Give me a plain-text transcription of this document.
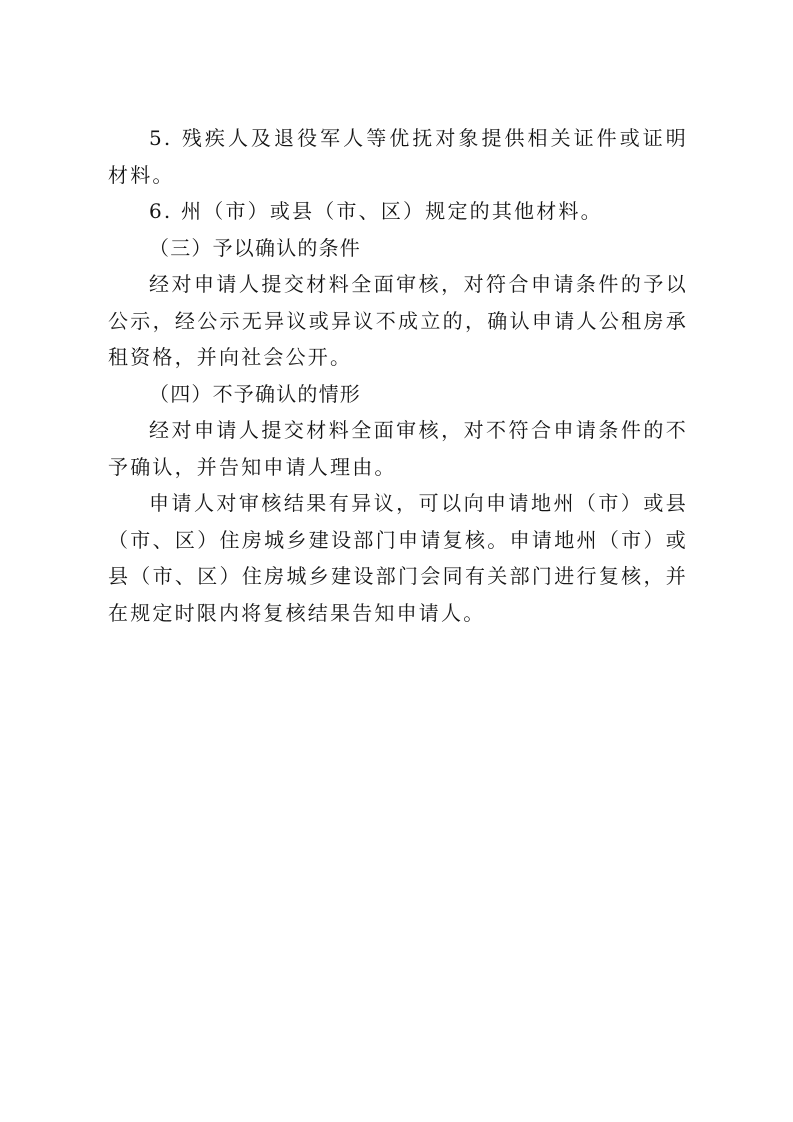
5. 残疾人及退役军人等优抚对象提供相关证件或证明材料。

6. 州（市）或县（市、区）规定的其他材料。

（三）予以确认的条件

经对申请人提交材料全面审核，对符合申请条件的予以公示，经公示无异议或异议不成立的，确认申请人公租房承租资格，并向社会公开。

（四）不予确认的情形

经对申请人提交材料全面审核，对不符合申请条件的不予确认，并告知申请人理由。

申请人对审核结果有异议，可以向申请地州（市）或县（市、区）住房城乡建设部门申请复核。申请地州（市）或县（市、区）住房城乡建设部门会同有关部门进行复核，并在规定时限内将复核结果告知申请人。
